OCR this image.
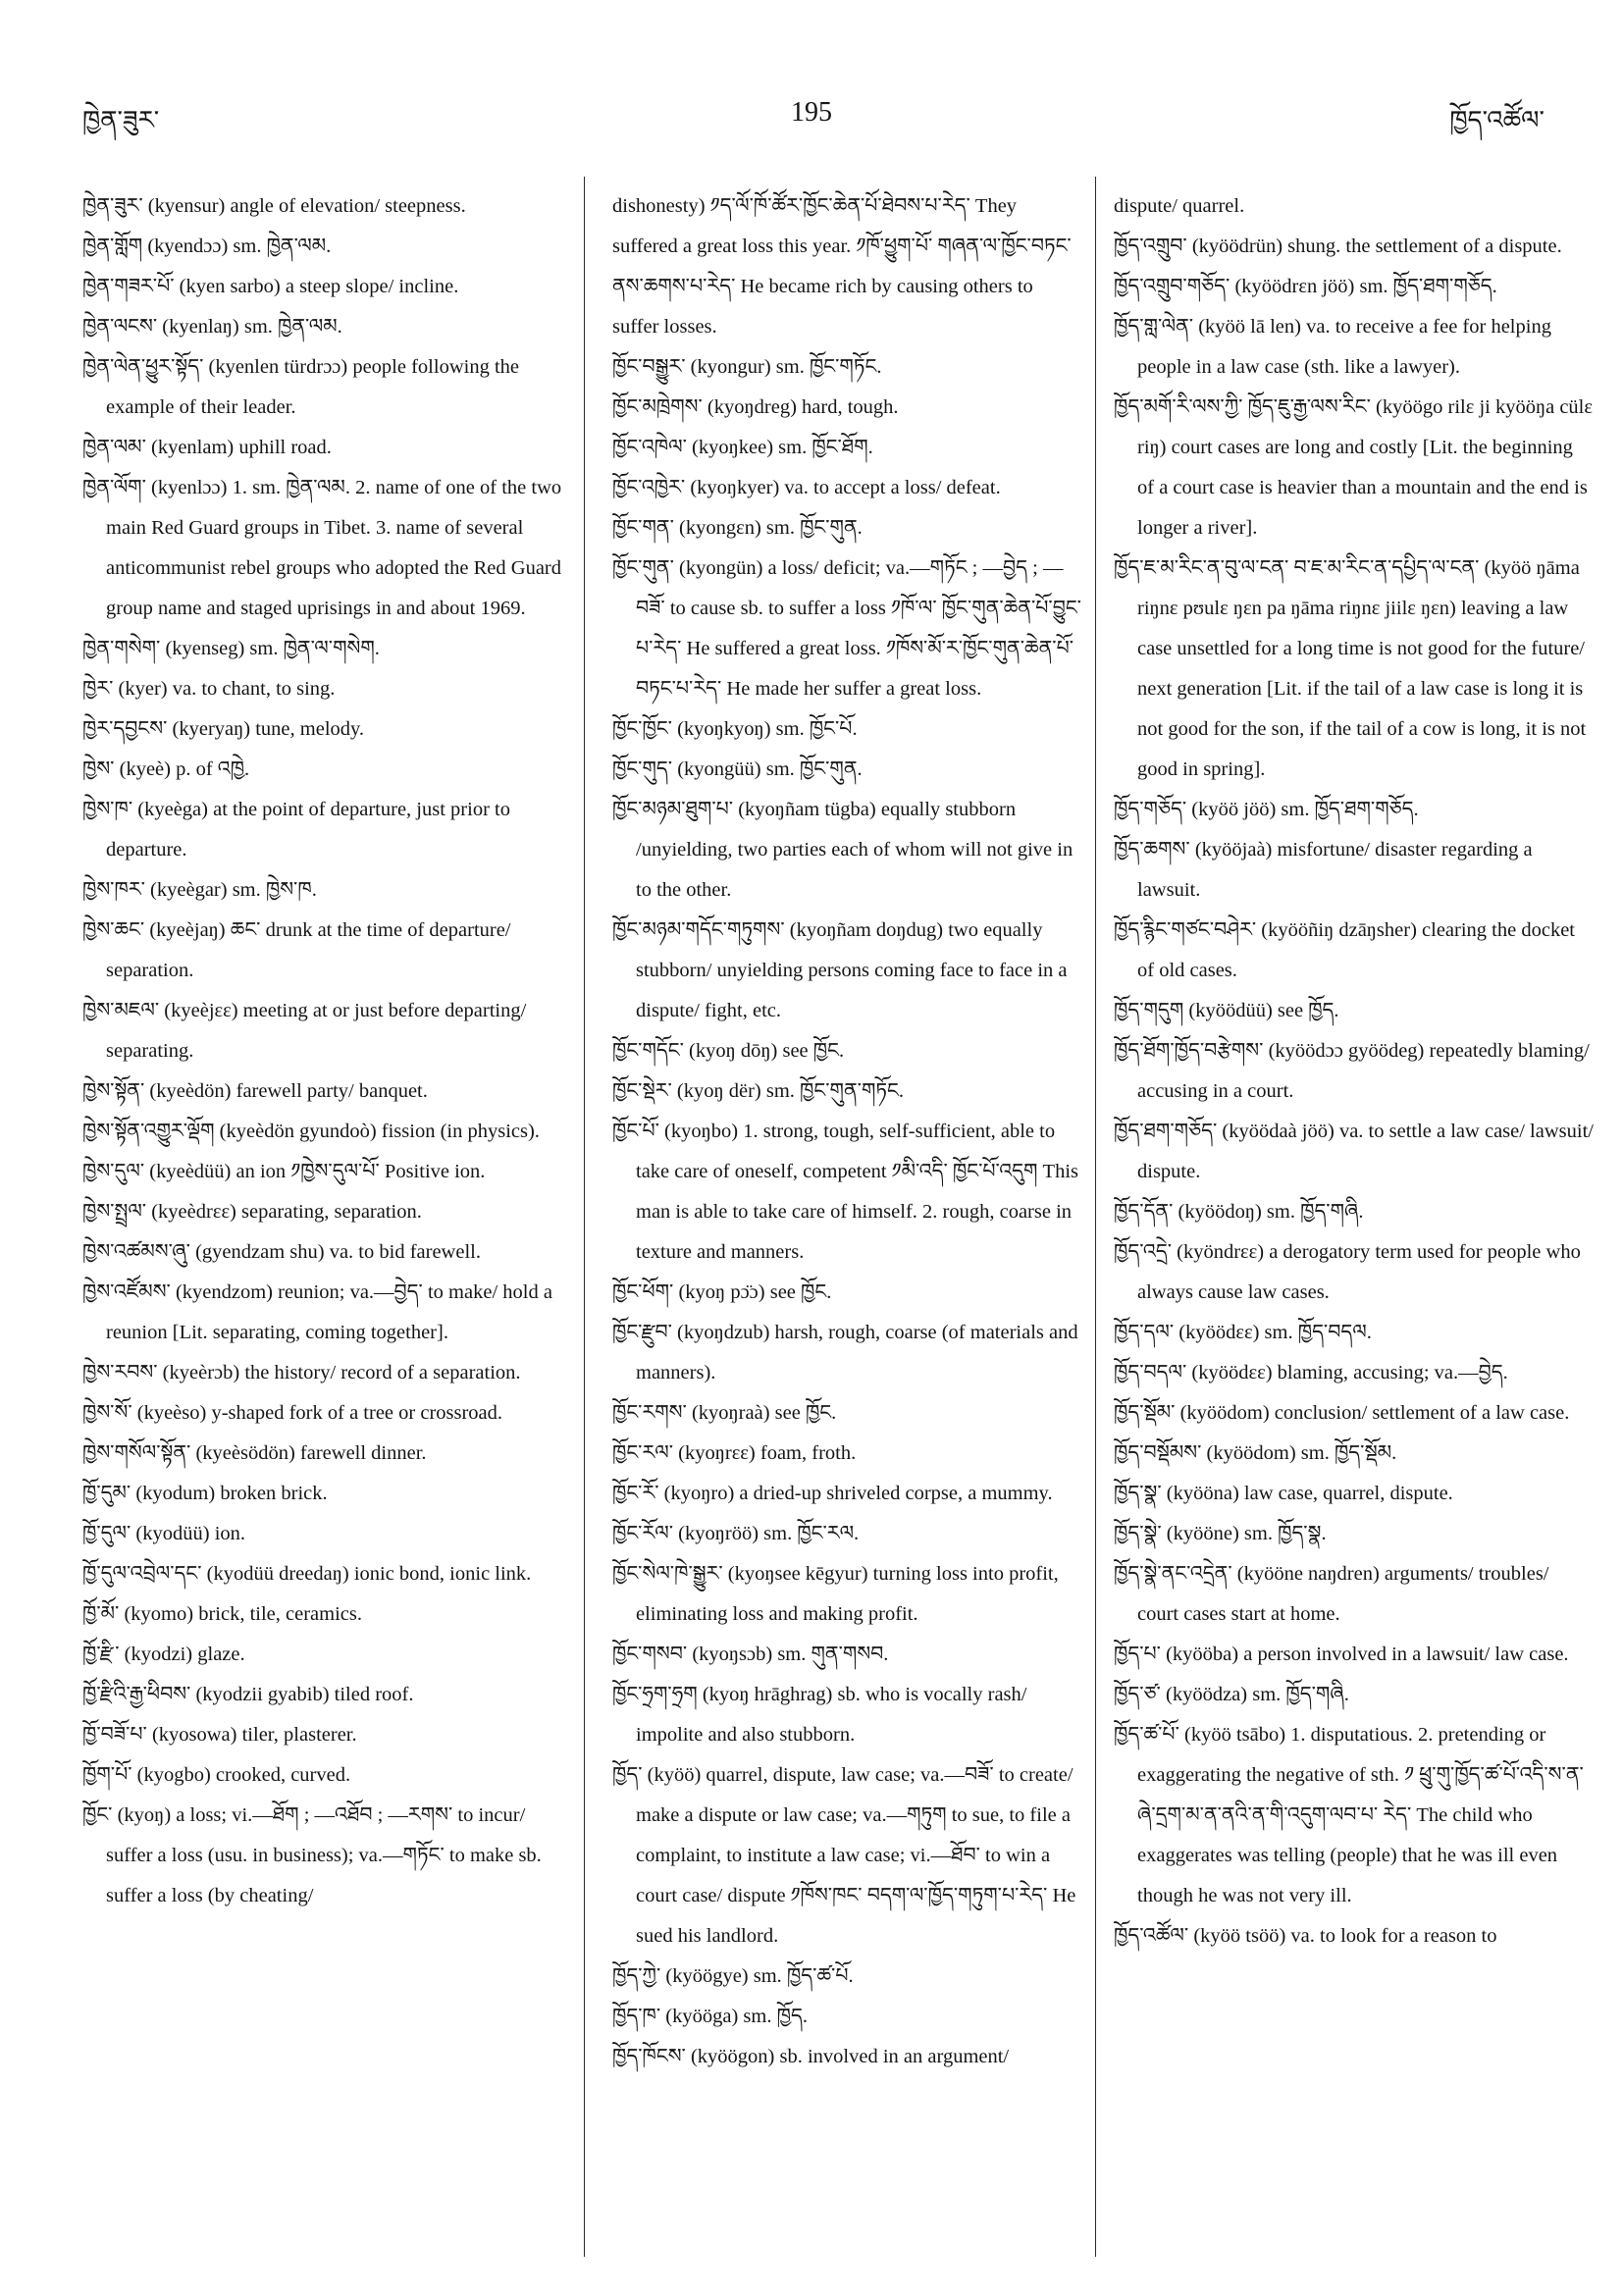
ཁྱེན་ཟུར་	195	ཁྱོད་འཚོལ་

ཁྱེན་ཟུར་ (kyensur) angle of elevation/ steepness.

ཁྱེན་གློག (kyendɔɔ) sm. ཁྱེན་ལམ.

ཁྱེན་གཟར་པོ་ (kyen sarbo) a steep slope/ incline.

ཁྱེན་ལངས་ (kyenlaŋ) sm. ཁྱེན་ལམ.

ཁྱེན་ལེན་ཕྱུར་སྟོད་ (kyenlen türdrɔɔ) people following the example of their leader.

ཁྱེན་ལམ་ (kyenlam) uphill road.

ཁྱེན་ལོག་ (kyenlɔɔ) 1. sm. ཁྱེན་ལམ. 2. name of one of the two main Red Guard groups in Tibet. 3. name of several anticommunist rebel groups who adopted the Red Guard group name and staged uprisings in and about 1969.

ཁྱེན་གསེག་ (kyenseg) sm. ཁྱེན་ལ་གསེག.

ཁྱེར་ (kyer) va. to chant, to sing.

ཁྱེར་དབྱངས་ (kyeryaŋ) tune, melody.

ཁྱེས་ (kyeè) p. of འཁྱེ.

ཁྱེས་ཁ་ (kyeèga) at the point of departure, just prior to departure.

ཁྱེས་ཁར་ (kyeègar) sm. ཁྱེས་ཁ.

ཁྱེས་ཆང་ (kyeèjaŋ) ཆང་ drunk at the time of departure/ separation.

ཁྱེས་མཇལ་ (kyeèjɛɛ) meeting at or just before departing/ separating.

ཁྱེས་སྟོན་ (kyeèdön) farewell party/ banquet.

ཁྱེས་སྟོན་འགྱུར་ལྡོག (kyeèdön gyundoò) fission (in physics).

ཁྱེས་དུལ་ (kyeèdüü) an ion ༡ཁྱེས་དུལ་པོ་ Positive ion.

ཁྱེས་སྤྲལ་ (kyeèdrɛɛ) separating, separation.

ཁྱེས་འཚམས་ཞུ་ (gyendzam shu) va. to bid farewell.

ཁྱེས་འཛོམས་ (kyendzom) reunion; va.—བྱེད་ to make/ hold a reunion [Lit. separating, coming together].

ཁྱེས་རབས་ (kyeèrɔb) the history/ record of a separation.

ཁྱེས་སོ་ (kyeèso) y-shaped fork of a tree or crossroad.

ཁྱེས་གསོལ་སྟོན་ (kyeèsödön) farewell dinner.

ཁྱོ་དུམ་ (kyodum) broken brick.

ཁྱོ་དུལ་ (kyodüü) ion.

ཁྱོ་དུལ་འབྲེལ་དང་ (kyodüü dreedaŋ) ionic bond, ionic link.

ཁྱོ་མོ་ (kyomo) brick, tile, ceramics.

ཁྱོ་རྫི་ (kyodzi) glaze.

ཁྱོ་རྫིའི་རྒྱ་ཕིབས་ (kyodzii gyabib) tiled roof.

ཁྱོ་བཟོ་པ་ (kyosowa) tiler, plasterer.

ཁྱོག་པོ་ (kyogbo) crooked, curved.

ཁྱོང་ (kyoŋ) a loss; vi.—ཐོག ; —འཐོབ ; —རགས་ to incur/ suffer a loss (usu. in business); va.—གཏོང་ to make sb. suffer a loss (by cheating/

dishonesty) ༡ད་ལོ་ཁོ་ཚོར་ཁྱོང་ཆེན་པོ་ཐེབས་པ་རེད་ They suffered a great loss this year. ༡ཁོ་ཕྱུག་པོ་ གཞན་ལ་ཁྱོང་བཏང་ནས་ཆགས་པ་རེད་ He became rich by causing others to suffer losses.

ཁྱོང་བསྒྱུར་ (kyongur) sm. ཁྱོང་གཏོང.

ཁྱོང་མཁྲེགས་ (kyoŋdreg) hard, tough.

ཁྱོང་འཁེལ་ (kyoŋkee) sm. ཁྱོང་ཐོག.

ཁྱོང་འཁྱེར་ (kyoŋkyer) va. to accept a loss/ defeat.

ཁྱོང་གན་ (kyongɛn) sm. ཁྱོང་གུན.

ཁྱོང་གུན་ (kyongün) a loss/ deficit; va.—གཏོང ; —བྱེད ; —བཟོ་ to cause sb. to suffer a loss ༡ཁོ་ལ་ ཁྱོང་གུན་ཆེན་པོ་བྱུང་པ་རེད་ He suffered a great loss. ༡ཁོས་མོ་ར་ཁྱོང་གུན་ཆེན་པོ་བཏང་པ་རེད་ He made her suffer a great loss.

ཁྱོང་ཁྱོང་ (kyoŋkyoŋ) sm. ཁྱོང་པོ.

ཁྱོང་གུད་ (kyongüü) sm. ཁྱོང་གུན.

ཁྱོང་མཉམ་ཐུག་པ་ (kyoŋñam tügba) equally stubborn /unyielding, two parties each of whom will not give in to the other.

ཁྱོང་མཉམ་གདོང་གཏུགས་ (kyoŋñam doŋdug) two equally stubborn/ unyielding persons coming face to face in a dispute/ fight, etc.

ཁྱོང་གདོང་ (kyoŋ dōŋ) see ཁྱོང.

ཁྱོང་སྡེར་ (kyoŋ dër) sm. ཁྱོང་གུན་གཏོང.

ཁྱོང་པོ་ (kyoŋbo) 1. strong, tough, self-sufficient, able to take care of oneself, competent ༡མི་འདི་ ཁྱོང་པོ་འདུག This man is able to take care of himself. 2. rough, coarse in texture and manners.

ཁྱོང་ཕོག་ (kyoŋ pɔ̈ɔ) see ཁྱོང.

ཁྱོང་རྫུབ་ (kyoŋdzub) harsh, rough, coarse (of materials and manners).

ཁྱོང་རགས་ (kyoŋraà) see ཁྱོང.

ཁྱོང་རལ་ (kyoŋrɛɛ) foam, froth.

ཁྱོང་རོ་ (kyoŋro) a dried-up shriveled corpse, a mummy.

ཁྱོང་རོལ་ (kyoŋröö) sm. ཁྱོང་རལ.

ཁྱོང་སེལ་ཁེ་སྒྱུར་ (kyoŋsee kēgyur) turning loss into profit, eliminating loss and making profit.

ཁྱོང་གསབ་ (kyoŋsɔb) sm. གུན་གསབ.

ཁྱོང་ཧྲག་ཧྲག (kyoŋ hrāghrag) sb. who is vocally rash/ impolite and also stubborn.

ཁྱོད་ (kyöö) quarrel, dispute, law case; va.—བཟོ་ to create/ make a dispute or law case; va.—གཏུག to sue, to file a complaint, to institute a law case; vi.—ཐོབ་ to win a court case/ dispute ༡ཁོས་ཁང་ བདག་ལ་ཁྱོད་གཏུག་པ་རེད་ He sued his landlord.

ཁྱོད་ཀྱེ་ (kyöögye) sm. ཁྱོད་ཚ་པོ.

ཁྱོད་ཁ་ (kyööga) sm. ཁྱོད.

ཁྱོད་ཁོངས་ (kyöögon) sb. involved in an argument/

dispute/ quarrel.

ཁྱོད་འགྲུབ་ (kyöödrün) shung. the settlement of a dispute.

ཁྱོད་འགྲུབ་གཅོད་ (kyöödrɛn jöö) sm. ཁྱོད་ཐག་གཅོད.

ཁྱོད་གླ་ལེན་ (kyöö lā len) va. to receive a fee for helping people in a law case (sth. like a lawyer).

ཁྱོད་མགོ་རི་ལས་ཀྱི་ ཁྱོད་ཇུ་རྒྱ་ལས་རིང་ (kyöögo rilɛ ji kyööŋa cülɛ riŋ) court cases are long and costly [Lit. the beginning of a court case is heavier than a mountain and the end is longer a river].

ཁྱོད་ཇ་མ་རིང་ན་བུ་ལ་ངན་ བ་ཇ་མ་རིང་ན་དཔྱིད་ལ་ངན་ (kyöö ŋāma riŋnɛ pʊulɛ ŋɛn pa ŋāma riŋnɛ jiilɛ ŋɛn) leaving a law case unsettled for a long time is not good for the future/ next generation [Lit. if the tail of a law case is long it is not good for the son, if the tail of a cow is long, it is not good in spring].

ཁྱོད་གཅོད་ (kyöö jöö) sm. ཁྱོད་ཐག་གཅོད.

ཁྱོད་ཆགས་ (kyööjaà) misfortune/ disaster regarding a lawsuit.

ཁྱོད་རྙིང་གཙང་བཤེར་ (kyööñiŋ dzāŋsher) clearing the docket of old cases.

ཁྱོད་གདུག (kyöödüü) see ཁྱོད.

ཁྱོད་ཐོག་ཁྱོད་བརྩེགས་ (kyöödɔɔ gyöödeg) repeatedly blaming/ accusing in a court.

ཁྱོད་ཐག་གཅོད་ (kyöödaà jöö) va. to settle a law case/ lawsuit/ dispute.

ཁྱོད་དོན་ (kyöödoŋ) sm. ཁྱོད་གཞི.

ཁྱོད་འདྲེ་ (kyöndrɛɛ) a derogatory term used for people who always cause law cases.

ཁྱོད་དལ་ (kyöödɛɛ) sm. ཁྱོད་བདལ.

ཁྱོད་བདལ་ (kyöödɛɛ) blaming, accusing; va.—བྱེད.

ཁྱོད་སྡོམ་ (kyöödom) conclusion/ settlement of a law case.

ཁྱོད་བསྡོམས་ (kyöödom) sm. ཁྱོད་སྡོམ.

ཁྱོད་སྣ་ (kyööna) law case, quarrel, dispute.

ཁྱོད་སྣེ་ (kyööne) sm. ཁྱོད་སྣ.

ཁྱོད་སྣེ་ནང་འདྲེན་ (kyööne naŋdren) arguments/ troubles/ court cases start at home.

ཁྱོད་པ་ (kyööba) a person involved in a lawsuit/ law case.

ཁྱོད་ཙ་ (kyöödza) sm. ཁྱོད་གཞི.

ཁྱོད་ཚ་པོ་ (kyöö tsābo) 1. disputatious. 2. pretending or exaggerating the negative of sth. ༡ ཕྲུ་གུ་ཁྱོད་ཚ་པོ་འདི་ས་ན་ཞེ་དྲག་མ་ན་ནའི་ན་གི་འདུག་ལབ་པ་ རེད་ The child who exaggerates was telling (people) that he was ill even though he was not very ill.

ཁྱོད་འཚོལ་ (kyöö tsöö) va. to look for a reason to
